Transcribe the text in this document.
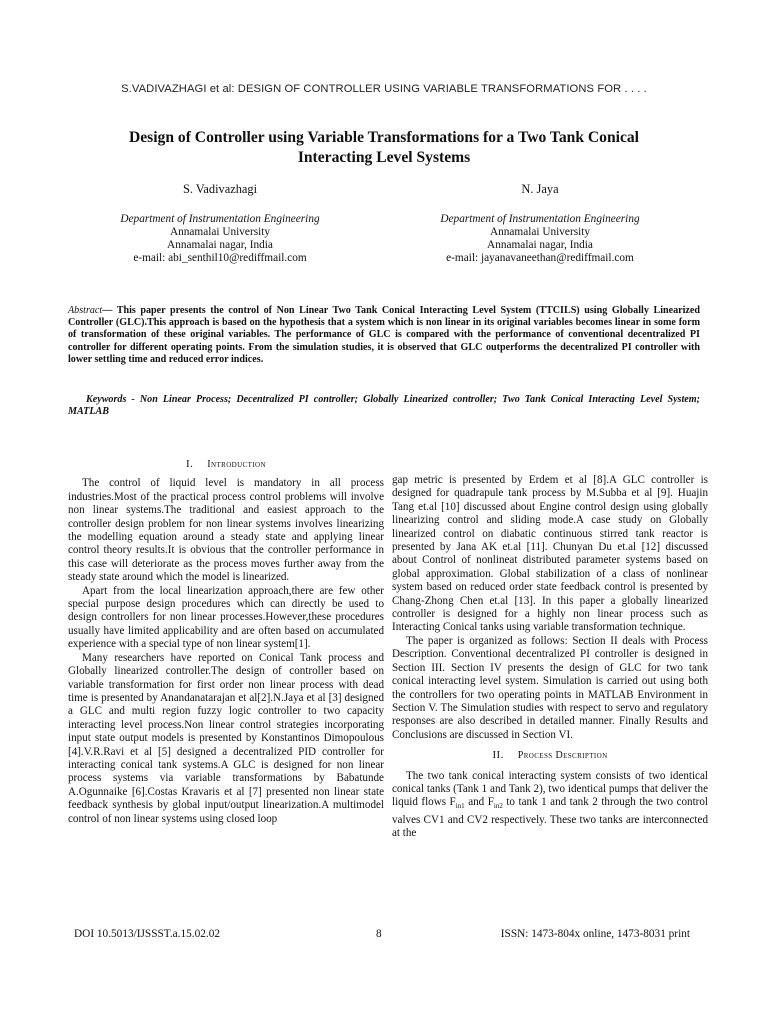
S.VADIVAZHAGI et al: DESIGN OF CONTROLLER USING VARIABLE TRANSFORMATIONS FOR . . . .
Design of Controller using Variable Transformations for a Two Tank Conical
Interacting Level Systems
S. Vadivazhagi
Department of Instrumentation Engineering
Annamalai University
Annamalai nagar, India
e-mail: abi_senthil10@rediffmail.com
N. Jaya
Department of Instrumentation Engineering
Annamalai University
Annamalai nagar, India
e-mail: jayanavaneethan@rediffmail.com
Abstract— This paper presents the control of Non Linear Two Tank Conical Interacting Level System (TTCILS) using Globally Linearized Controller (GLC).This approach is based on the hypothesis that a system which is non linear in its original variables becomes linear in some form of transformation of these original variables. The performance of GLC is compared with the performance of conventional decentralized PI controller for different operating points. From the simulation studies, it is observed that GLC outperforms the decentralized PI controller with lower settling time and reduced error indices.
Keywords - Non Linear Process; Decentralized PI controller; Globally Linearized controller; Two Tank Conical Interacting Level System; MATLAB
I. Introduction

The control of liquid level is mandatory in all process industries.Most of the practical process control problems will involve non linear systems.The traditional and easiest approach to the controller design problem for non linear systems involves linearizing the modelling equation around a steady state and applying linear control theory results.It is obvious that the controller performance in this case will deteriorate as the process moves further away from the steady state around which the model is linearized.

Apart from the local linearization approach,there are few other special purpose design procedures which can directly be used to design controllers for non linear processes.However,these procedures usually have limited applicability and are often based on accumulated experience with a special type of non linear system[1].

Many researchers have reported on Conical Tank process and Globally linearized controller.The design of controller based on variable transformation for first order non linear process with dead time is presented by Anandanatarajan et al[2].N.Jaya et al [3] designed a GLC and multi region fuzzy logic controller to two capacity interacting level process.Non linear control strategies incorporating input state output models is presented by Konstantinos Dimopoulous [4].V.R.Ravi et al [5] designed a decentralized PID controller for interacting conical tank systems.A GLC is designed for non linear process systems via variable transformations by Babatunde A.Ogunnaike [6].Costas Kravaris et al [7] presented non linear state feedback synthesis by global input/output linearization.A multimodel control of non linear systems using closed loop

gap metric is presented by Erdem et al [8].A GLC controller is designed for quadrapule tank process by M.Subba et al [9]. Huajin Tang et.al [10] discussed about Engine control design using globally linearizing control and sliding mode.A case study on Globally linearized control on diabatic continuous stirred tank reactor is presented by Jana AK et.al [11]. Chunyan Du et.al [12] discussed about Control of nonlineat distributed parameter systems based on global approximation. Global stabilization of a class of nonlinear system based on reduced order state feedback control is presented by Chang-Zhong Chen et.al [13]. In this paper a globally linearized controller is designed for a highly non linear process such as Interacting Conical tanks using variable transformation technique.

The paper is organized as follows: Section II deals with Process Description. Conventional decentralized PI controller is designed in Section III. Section IV presents the design of GLC for two tank conical interacting level system. Simulation is carried out using both the controllers for two operating points in MATLAB Environment in Section V. The Simulation studies with respect to servo and regulatory responses are also described in detailed manner. Finally Results and Conclusions are discussed in Section VI.

II. Process Description

The two tank conical interacting system consists of two identical conical tanks (Tank 1 and Tank 2), two identical pumps that deliver the liquid flows $F_{in1}$ and $F_{in2}$ to tank 1 and tank 2 through the two control valves CV1 and CV2 respectively. These two tanks are interconnected at the

DOI 10.5013/IJSSST.a.15.02.02	8	ISSN: 1473-804x online, 1473-8031 print
